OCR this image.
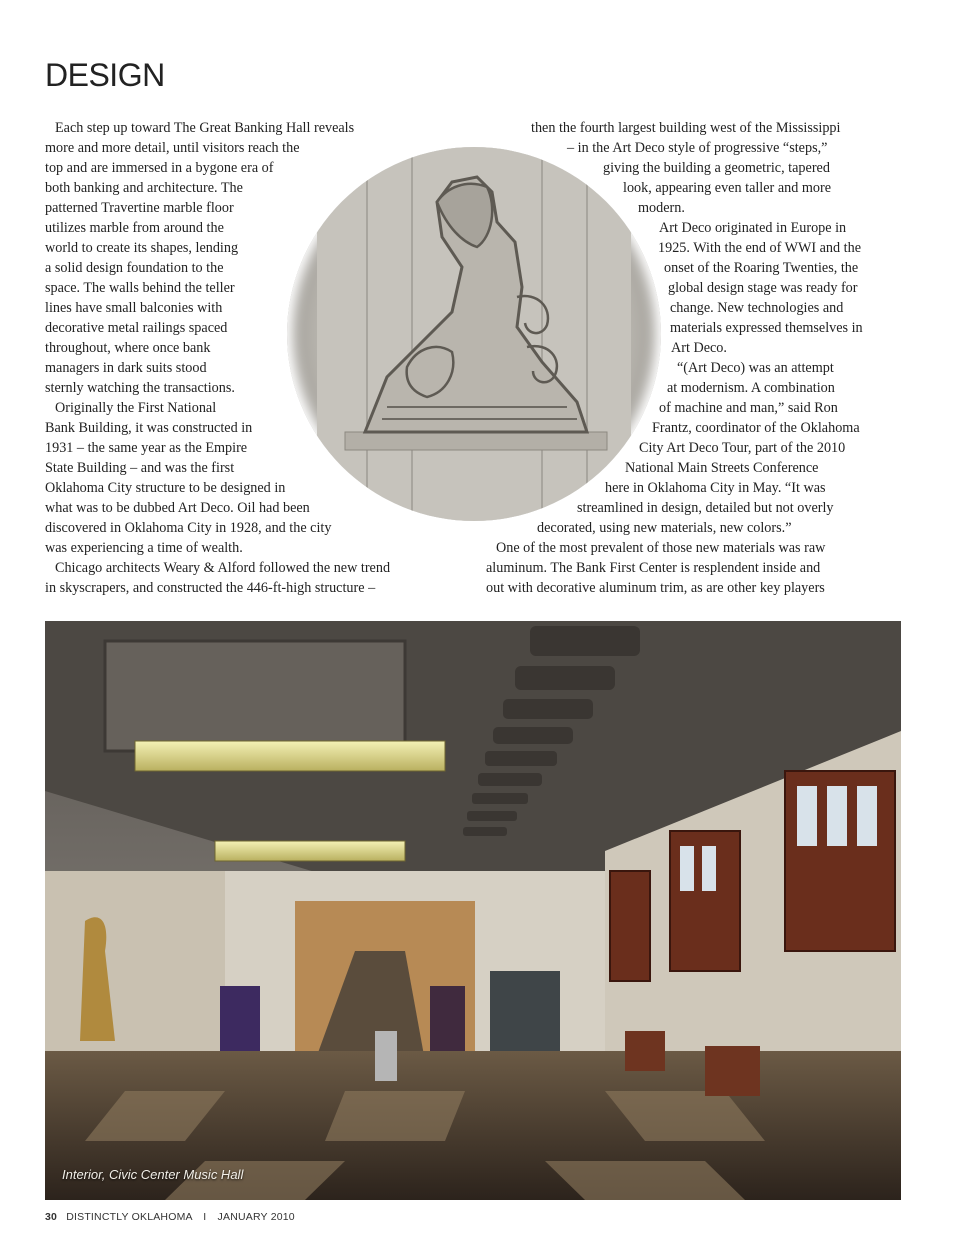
DESIGN
Each step up toward The Great Banking Hall reveals
more and more detail, until visitors reach the
top and are immersed in a bygone era of
both banking and architecture. The
patterned Travertine marble floor
utilizes marble from around the
world to create its shapes, lending
a solid design foundation to the
space. The walls behind the teller
lines have small balconies with
decorative metal railings spaced
throughout, where once bank
managers in dark suits stood
sternly watching the transactions.
Originally the First National
Bank Building, it was constructed in
1931 – the same year as the Empire
State Building – and was the first
Oklahoma City structure to be designed in
what was to be dubbed Art Deco. Oil had been
discovered in Oklahoma City in 1928, and the city
was experiencing a time of wealth.
Chicago architects Weary & Alford followed the new trend
in skyscrapers, and constructed the 446-ft-high structure –
then the fourth largest building west of the Mississippi
– in the Art Deco style of progressive “steps,”
giving the building a geometric, tapered
look, appearing even taller and more
modern.
Art Deco originated in Europe in
1925. With the end of WWI and the
onset of the Roaring Twenties, the
global design stage was ready for
change. New technologies and
materials expressed themselves in
Art Deco.
“(Art Deco) was an attempt
at modernism. A combination
of machine and man,” said Ron
Frantz, coordinator of the Oklahoma
City Art Deco Tour, part of the 2010
National Main Streets Conference
here in Oklahoma City in May. “It was
streamlined in design, detailed but not overly
decorated, using new materials, new colors.”
One of the most prevalent of those new materials was raw
aluminum. The Bank First Center is resplendent inside and
out with decorative aluminum trim, as are other key players
Interior, Civic Center Music Hall
30 DISTINCTLY OKLAHOMA I JANUARY 2010
